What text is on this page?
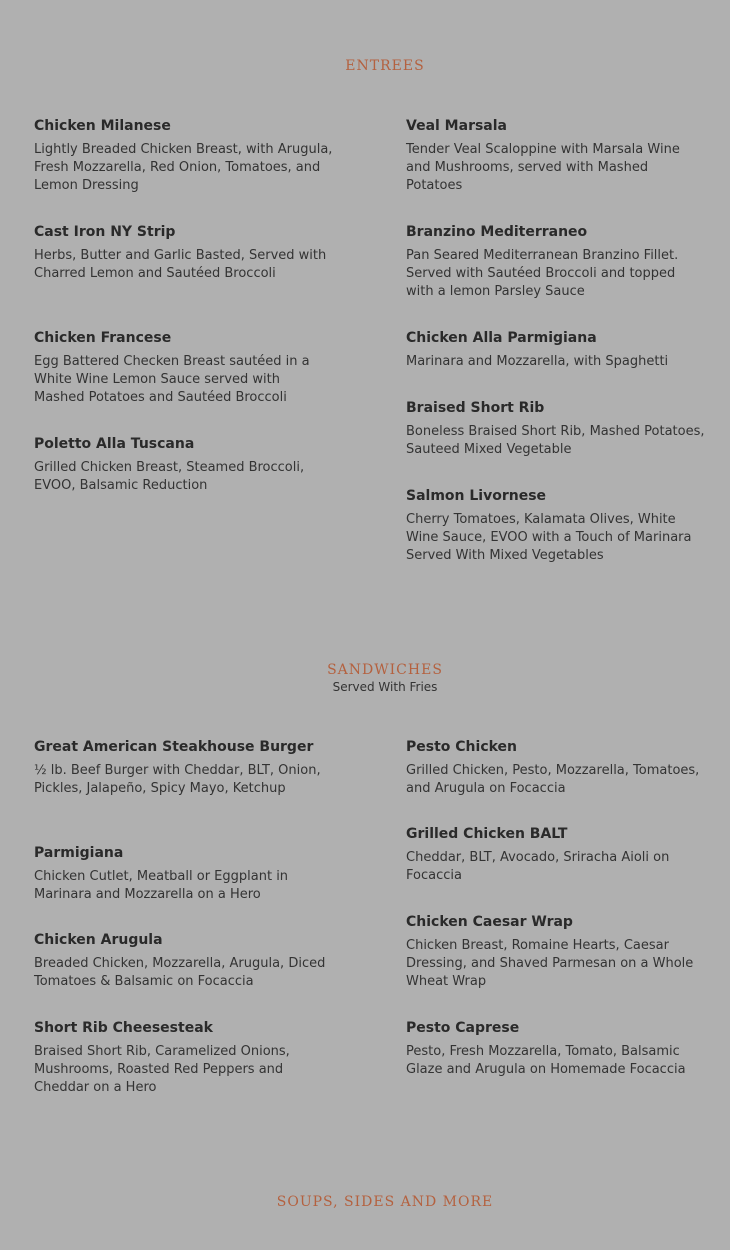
ENTREES

Chicken Milanese

Lightly Breaded Chicken Breast, with Arugula, Fresh Mozzarella, Red Onion, Tomatoes, and Lemon Dressing

Cast Iron NY Strip

Herbs, Butter and Garlic Basted, Served with Charred Lemon and Sautéed Broccoli

Chicken Francese

Egg Battered Checken Breast sautéed in a White Wine Lemon Sauce served with Mashed Potatoes and Sautéed Broccoli

Poletto Alla Tuscana

Grilled Chicken Breast, Steamed Broccoli, EVOO, Balsamic Reduction

Veal Marsala

Tender Veal Scaloppine with Marsala Wine and Mushrooms, served with Mashed Potatoes

Branzino Mediterraneo

Pan Seared Mediterranean Branzino Fillet. Served with Sautéed Broccoli and topped with a lemon Parsley Sauce

Chicken Alla Parmigiana

Marinara and Mozzarella, with Spaghetti

Braised Short Rib

Boneless Braised Short Rib, Mashed Potatoes, Sauteed Mixed Vegetable

Salmon Livornese

Cherry Tomatoes, Kalamata Olives, White Wine Sauce, EVOO with a Touch of Marinara Served With Mixed Vegetables

SANDWICHES
Served With Fries

Great American Steakhouse Burger

½ lb. Beef Burger with Cheddar, BLT, Onion, Pickles, Jalapeño, Spicy Mayo, Ketchup

Parmigiana

Chicken Cutlet, Meatball or Eggplant in Marinara and Mozzarella on a Hero

Chicken Arugula

Breaded Chicken, Mozzarella, Arugula, Diced Tomatoes & Balsamic on Focaccia

Short Rib Cheesesteak

Braised Short Rib, Caramelized Onions, Mushrooms, Roasted Red Peppers and Cheddar on a Hero

Pesto Chicken

Grilled Chicken, Pesto, Mozzarella, Tomatoes, and Arugula on Focaccia

Grilled Chicken BALT

Cheddar, BLT, Avocado, Sriracha Aioli on Focaccia

Chicken Caesar Wrap

Chicken Breast, Romaine Hearts, Caesar Dressing, and Shaved Parmesan on a Whole Wheat Wrap

Pesto Caprese

Pesto, Fresh Mozzarella, Tomato, Balsamic Glaze and Arugula on Homemade Focaccia

SOUPS, SIDES AND MORE
